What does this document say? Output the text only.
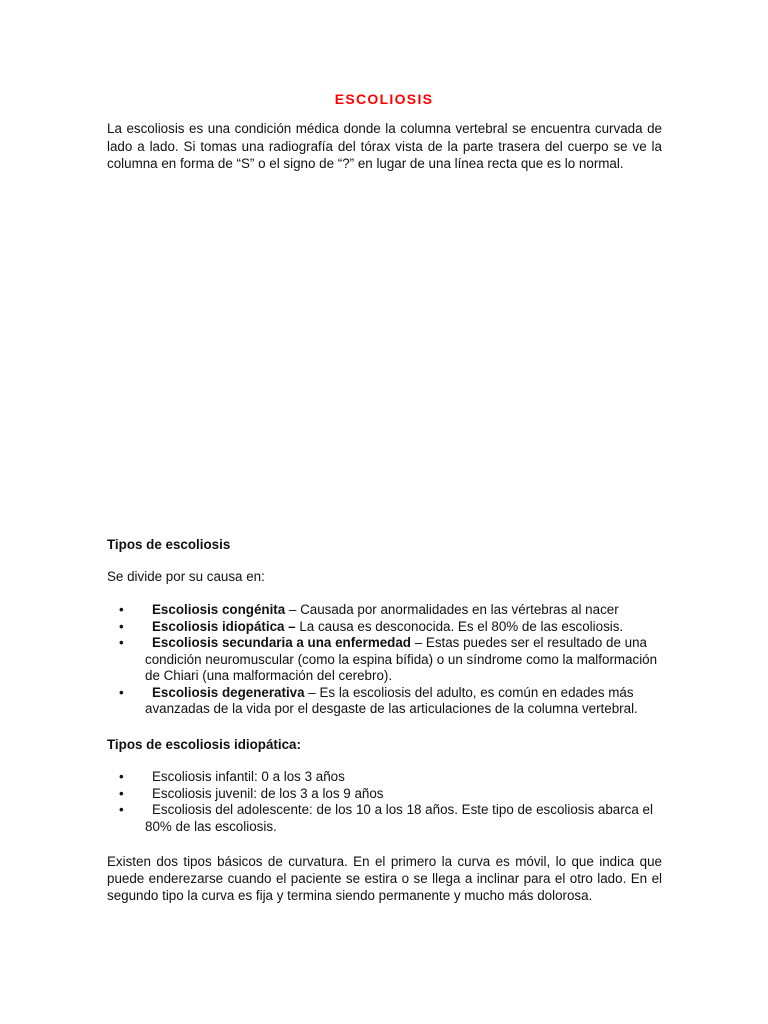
ESCOLIOSIS

La escoliosis es una condición médica donde la columna vertebral se encuentra curvada de lado a lado. Si tomas una radiografía del tórax vista de la parte trasera del cuerpo se ve la columna en forma de “S” o el signo de “?” en lugar de una línea recta que es lo normal.

Tipos de escoliosis

Se divide por su causa en:

•	Escoliosis congénita – Causada por anormalidades en las vértebras al nacer
•	Escoliosis idiopática – La causa es desconocida. Es el 80% de las escoliosis.
•	Escoliosis secundaria a una enfermedad – Estas puedes ser el resultado de una condición neuromuscular (como la espina bífida) o un síndrome como la malformación de Chiari (una malformación del cerebro).
•	Escoliosis degenerativa – Es la escoliosis del adulto, es común en edades más avanzadas de la vida por el desgaste de las articulaciones de la columna vertebral.

Tipos de escoliosis idiopática:

•	Escoliosis infantil: 0 a los 3 años
•	Escoliosis juvenil: de los 3 a los 9 años
•	Escoliosis del adolescente: de los 10 a los 18 años. Este tipo de escoliosis abarca el 80% de las escoliosis.

Existen dos tipos básicos de curvatura. En el primero la curva es móvil, lo que indica que puede enderezarse cuando el paciente se estira o se llega a inclinar para el otro lado. En el segundo tipo la curva es fija y termina siendo permanente y mucho más dolorosa.
